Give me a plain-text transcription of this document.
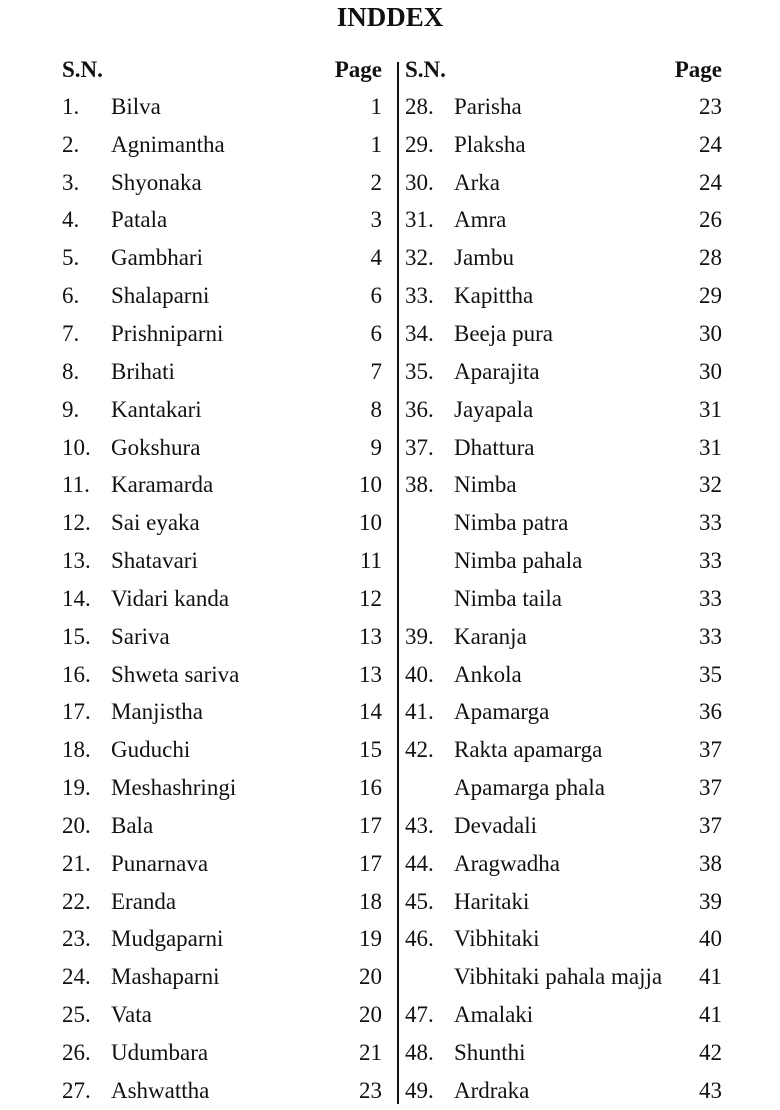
INDDEX
S.N.	Page
1.	Bilva	1
2.	Agnimantha	1
3.	Shyonaka	2
4.	Patala	3
5.	Gambhari	4
6.	Shalaparni	6
7.	Prishniparni	6
8.	Brihati	7
9.	Kantakari	8
10. Gokshura	9
11. Karamarda	10
12. Sai eyaka	10
13. Shatavari	11
14. Vidari kanda	12
15. Sariva	13
16. Shweta sariva	13
17. Manjistha	14
18. Guduchi	15
19. Meshashringi	16
20. Bala	17
21. Punarnava	17
22. Eranda	18
23. Mudgaparni	19
24. Mashaparni	20
25. Vata	20
26. Udumbara	21
27. Ashwattha	23
S.N.	Page
28. Parisha	23
29. Plaksha	24
30. Arka	24
31. Amra	26
32. Jambu	28
33. Kapittha	29
34. Beeja pura	30
35. Aparajita	30
36. Jayapala	31
37. Dhattura	31
38. Nimba	32
Nimba patra	33
Nimba pahala	33
Nimba taila	33
39. Karanja	33
40. Ankola	35
41. Apamarga	36
42. Rakta apamarga	37
Apamarga phala	37
43. Devadali	37
44. Aragwadha	38
45. Haritaki	39
46. Vibhitaki	40
Vibhitaki pahala majja	41
47. Amalaki	41
48. Shunthi	42
49. Ardraka	43
